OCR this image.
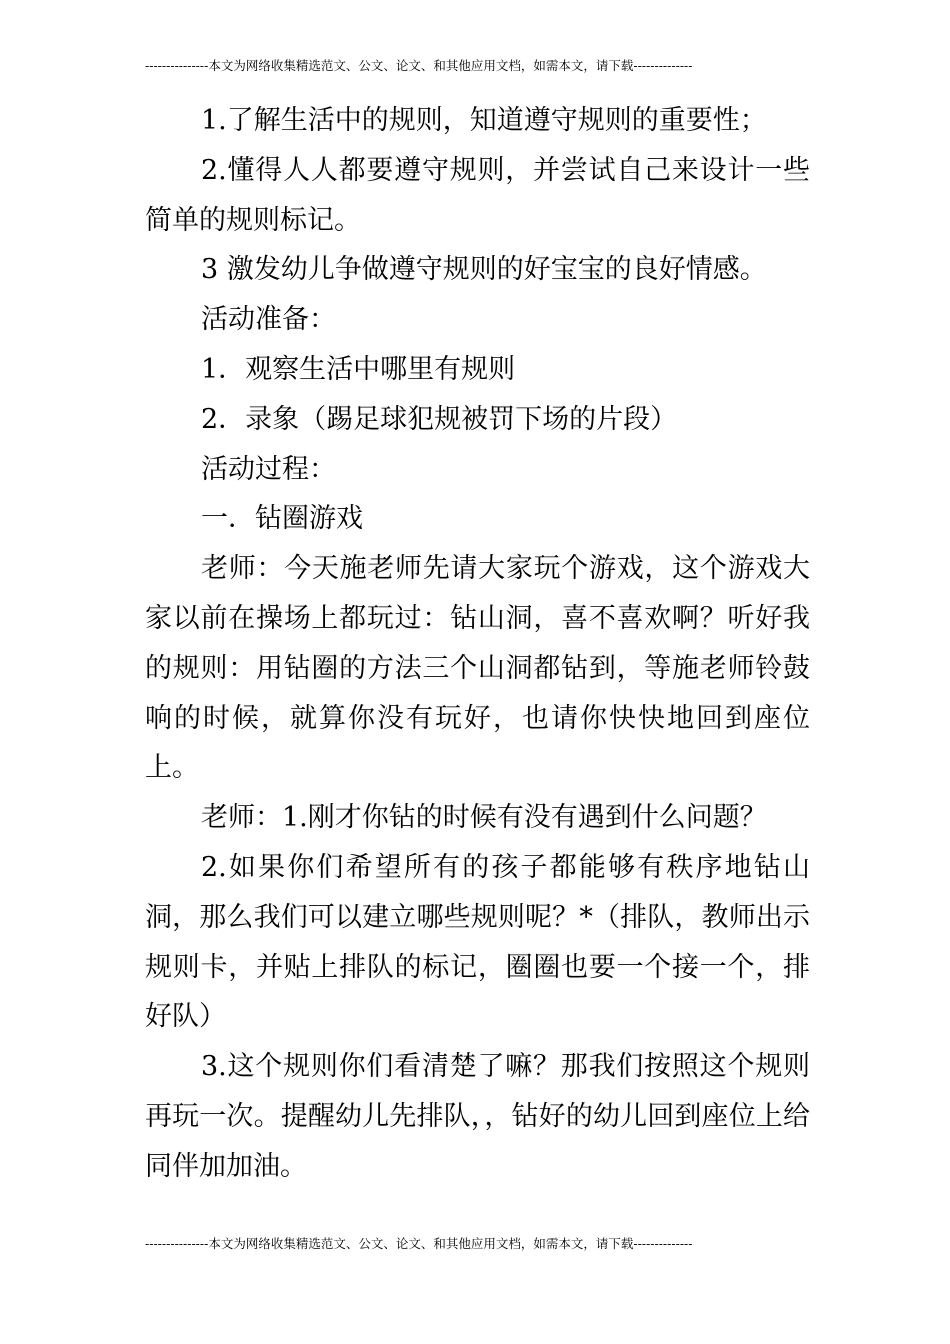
---------------本文为网络收集精选范文、公文、论文、和其他应用文档，如需本文，请下载--------------

1.了解生活中的规则，知道遵守规则的重要性；

2.懂得人人都要遵守规则，并尝试自己来设计一些简单的规则标记。

3 激发幼儿争做遵守规则的好宝宝的良好情感。

活动准备：

1．观察生活中哪里有规则

2．录象（踢足球犯规被罚下场的片段）

活动过程：

一．钻圈游戏

老师：今天施老师先请大家玩个游戏，这个游戏大家以前在操场上都玩过：钻山洞，喜不喜欢啊？听好我的规则：用钻圈的方法三个山洞都钻到，等施老师铃鼓响的时候，就算你没有玩好，也请你快快地回到座位上。

老师：1.刚才你钻的时候有没有遇到什么问题？

2.如果你们希望所有的孩子都能够有秩序地钻山洞，那么我们可以建立哪些规则呢？*（排队，教师出示规则卡，并贴上排队的标记，圈圈也要一个接一个，排好队）

3.这个规则你们看清楚了嘛？那我们按照这个规则再玩一次。提醒幼儿先排队，，钻好的幼儿回到座位上给同伴加加油。

---------------本文为网络收集精选范文、公文、论文、和其他应用文档，如需本文，请下载--------------
